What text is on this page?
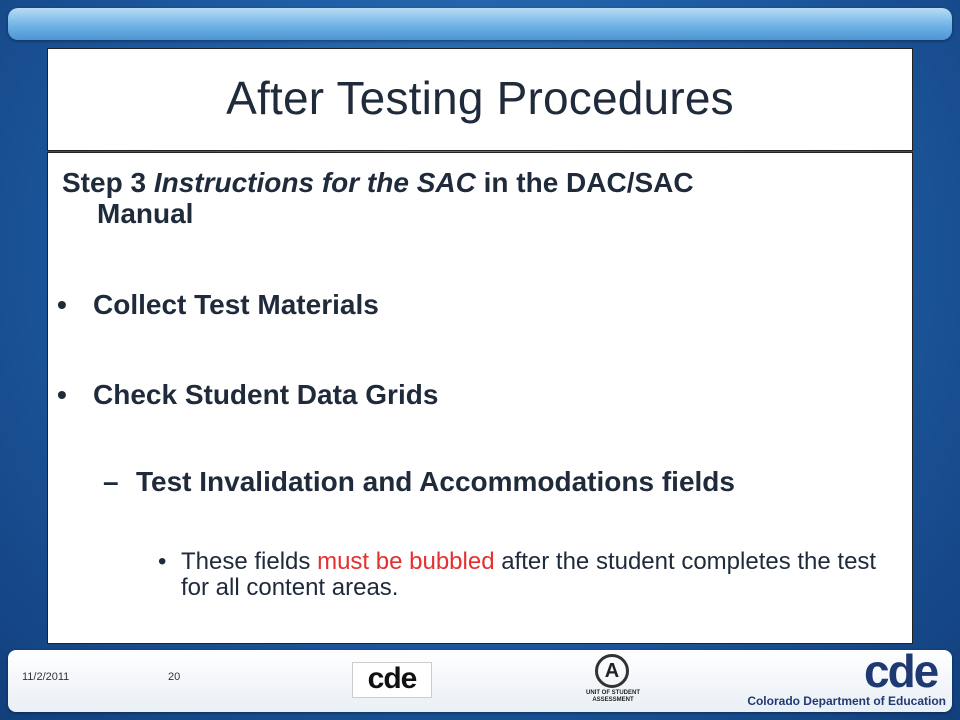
After Testing Procedures
Step 3 Instructions for the SAC in the DAC/SAC
Manual
• Collect Test Materials
• Check Student Data Grids
– Test Invalidation and Accommodations fields
• These fields must be bubbled after the student completes the test for all content areas.
11/2/2011	20	cde	A
UNIT OF STUDENT ASSESSMENT
cde
Colorado Department of Education
